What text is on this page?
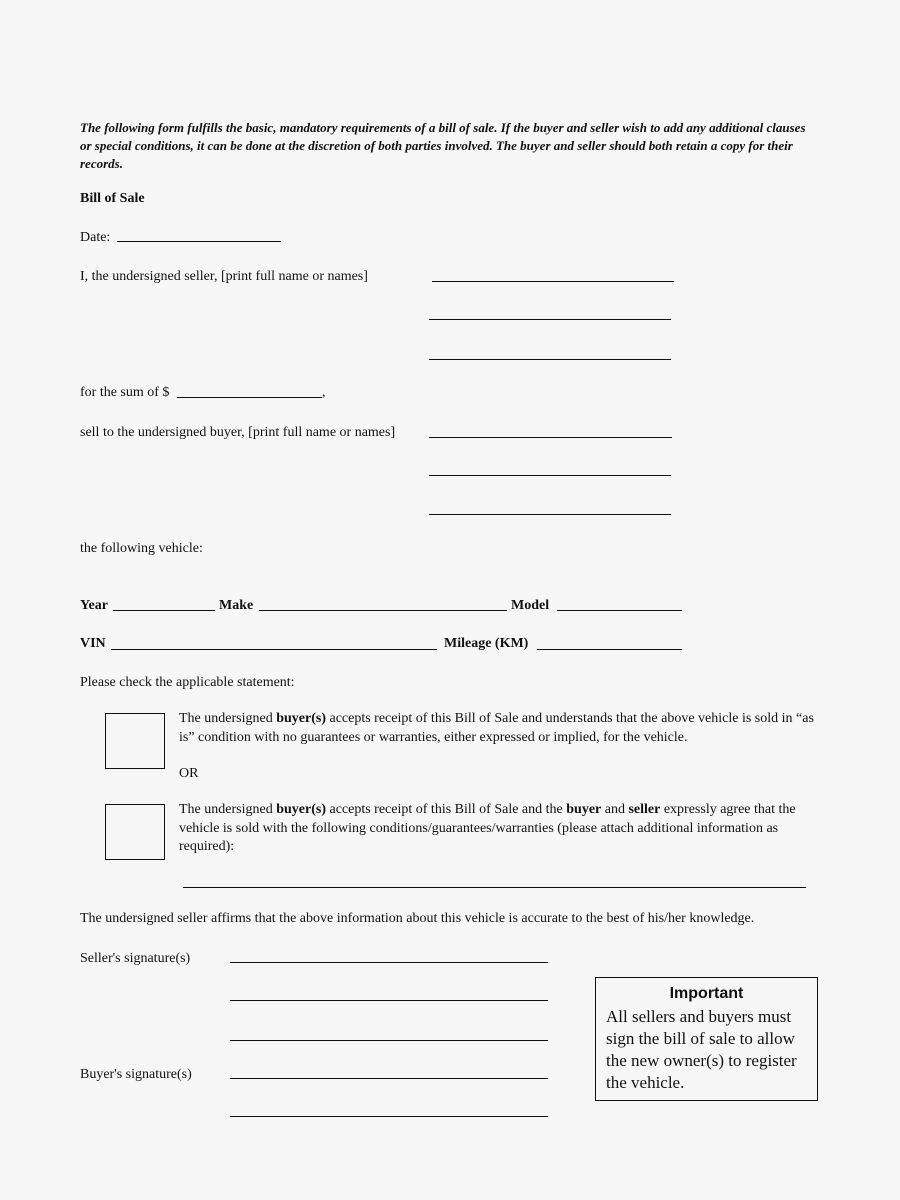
The following form fulfills the basic, mandatory requirements of a bill of sale. If the buyer and seller wish to add any additional clauses or special conditions, it can be done at the discretion of both parties involved. The buyer and seller should both retain a copy for their records.
Bill of Sale
Date:
I, the undersigned seller, [print full name or names]
for the sum of $	,
sell to the undersigned buyer, [print full name or names]
the following vehicle:
Year	Make	Model
VIN	Mileage (KM)
Please check the applicable statement:
The undersigned buyer(s) accepts receipt of this Bill of Sale and understands that the above vehicle is sold in “as is” condition with no guarantees or warranties, either expressed or implied, for the vehicle.
OR
The undersigned buyer(s) accepts receipt of this Bill of Sale and the buyer and seller expressly agree that the vehicle is sold with the following conditions/guarantees/warranties (please attach additional information as required):
The undersigned seller affirms that the above information about this vehicle is accurate to the best of his/her knowledge.
Seller's signature(s)
Buyer's signature(s)
Important
All sellers and buyers must sign the bill of sale to allow the new owner(s) to register the vehicle.
